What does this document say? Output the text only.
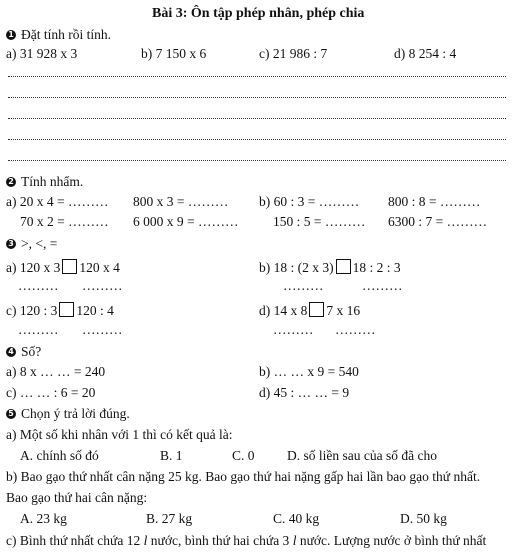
Bài 3: Ôn tập phép nhân, phép chia
1 Đặt tính rồi tính.
a) 31 928 x 3	b) 7 150 x 6	c) 21 986 : 7	d) 8 254 : 4
2 Tính nhẩm.
a) 20 x 4 = ……… 800 x 3 = ……… b) 60 : 3 = ……… 800 : 8 = ………
70 x 2 = ……… 6 000 x 9 = ………	150 : 5 = ……… 6300 : 7 = ………
3 >, <, =
a) 120 x 3 120 x 4	b) 18 : (2 x 3) 18 : 2 : 3
……… ………	………	………
c) 120 : 3 120 : 4	d) 14 x 8 7 x 16
……… ………	……… ………
4 Số?
a) 8 x … … = 240	b) … … x 9 = 540
c) … … : 6 = 20	d) 45 : … … = 9
5 Chọn ý trả lời đúng.
a) Một số khi nhân với 1 thì có kết quả là:
A. chính số đó	B. 1	C. 0 D. số liền sau của số đã cho
b) Bao gạo thứ nhất cân nặng 25 kg. Bao gạo thứ hai nặng gấp hai lần bao gạo thứ nhất.
Bao gạo thứ hai cân nặng:
A. 23 kg	B. 27 kg	C. 40 kg	D. 50 kg
c) Bình thứ nhất chứa 12 l nước, bình thứ hai chứa 3 l nước. Lượng nước ở bình thứ nhất
